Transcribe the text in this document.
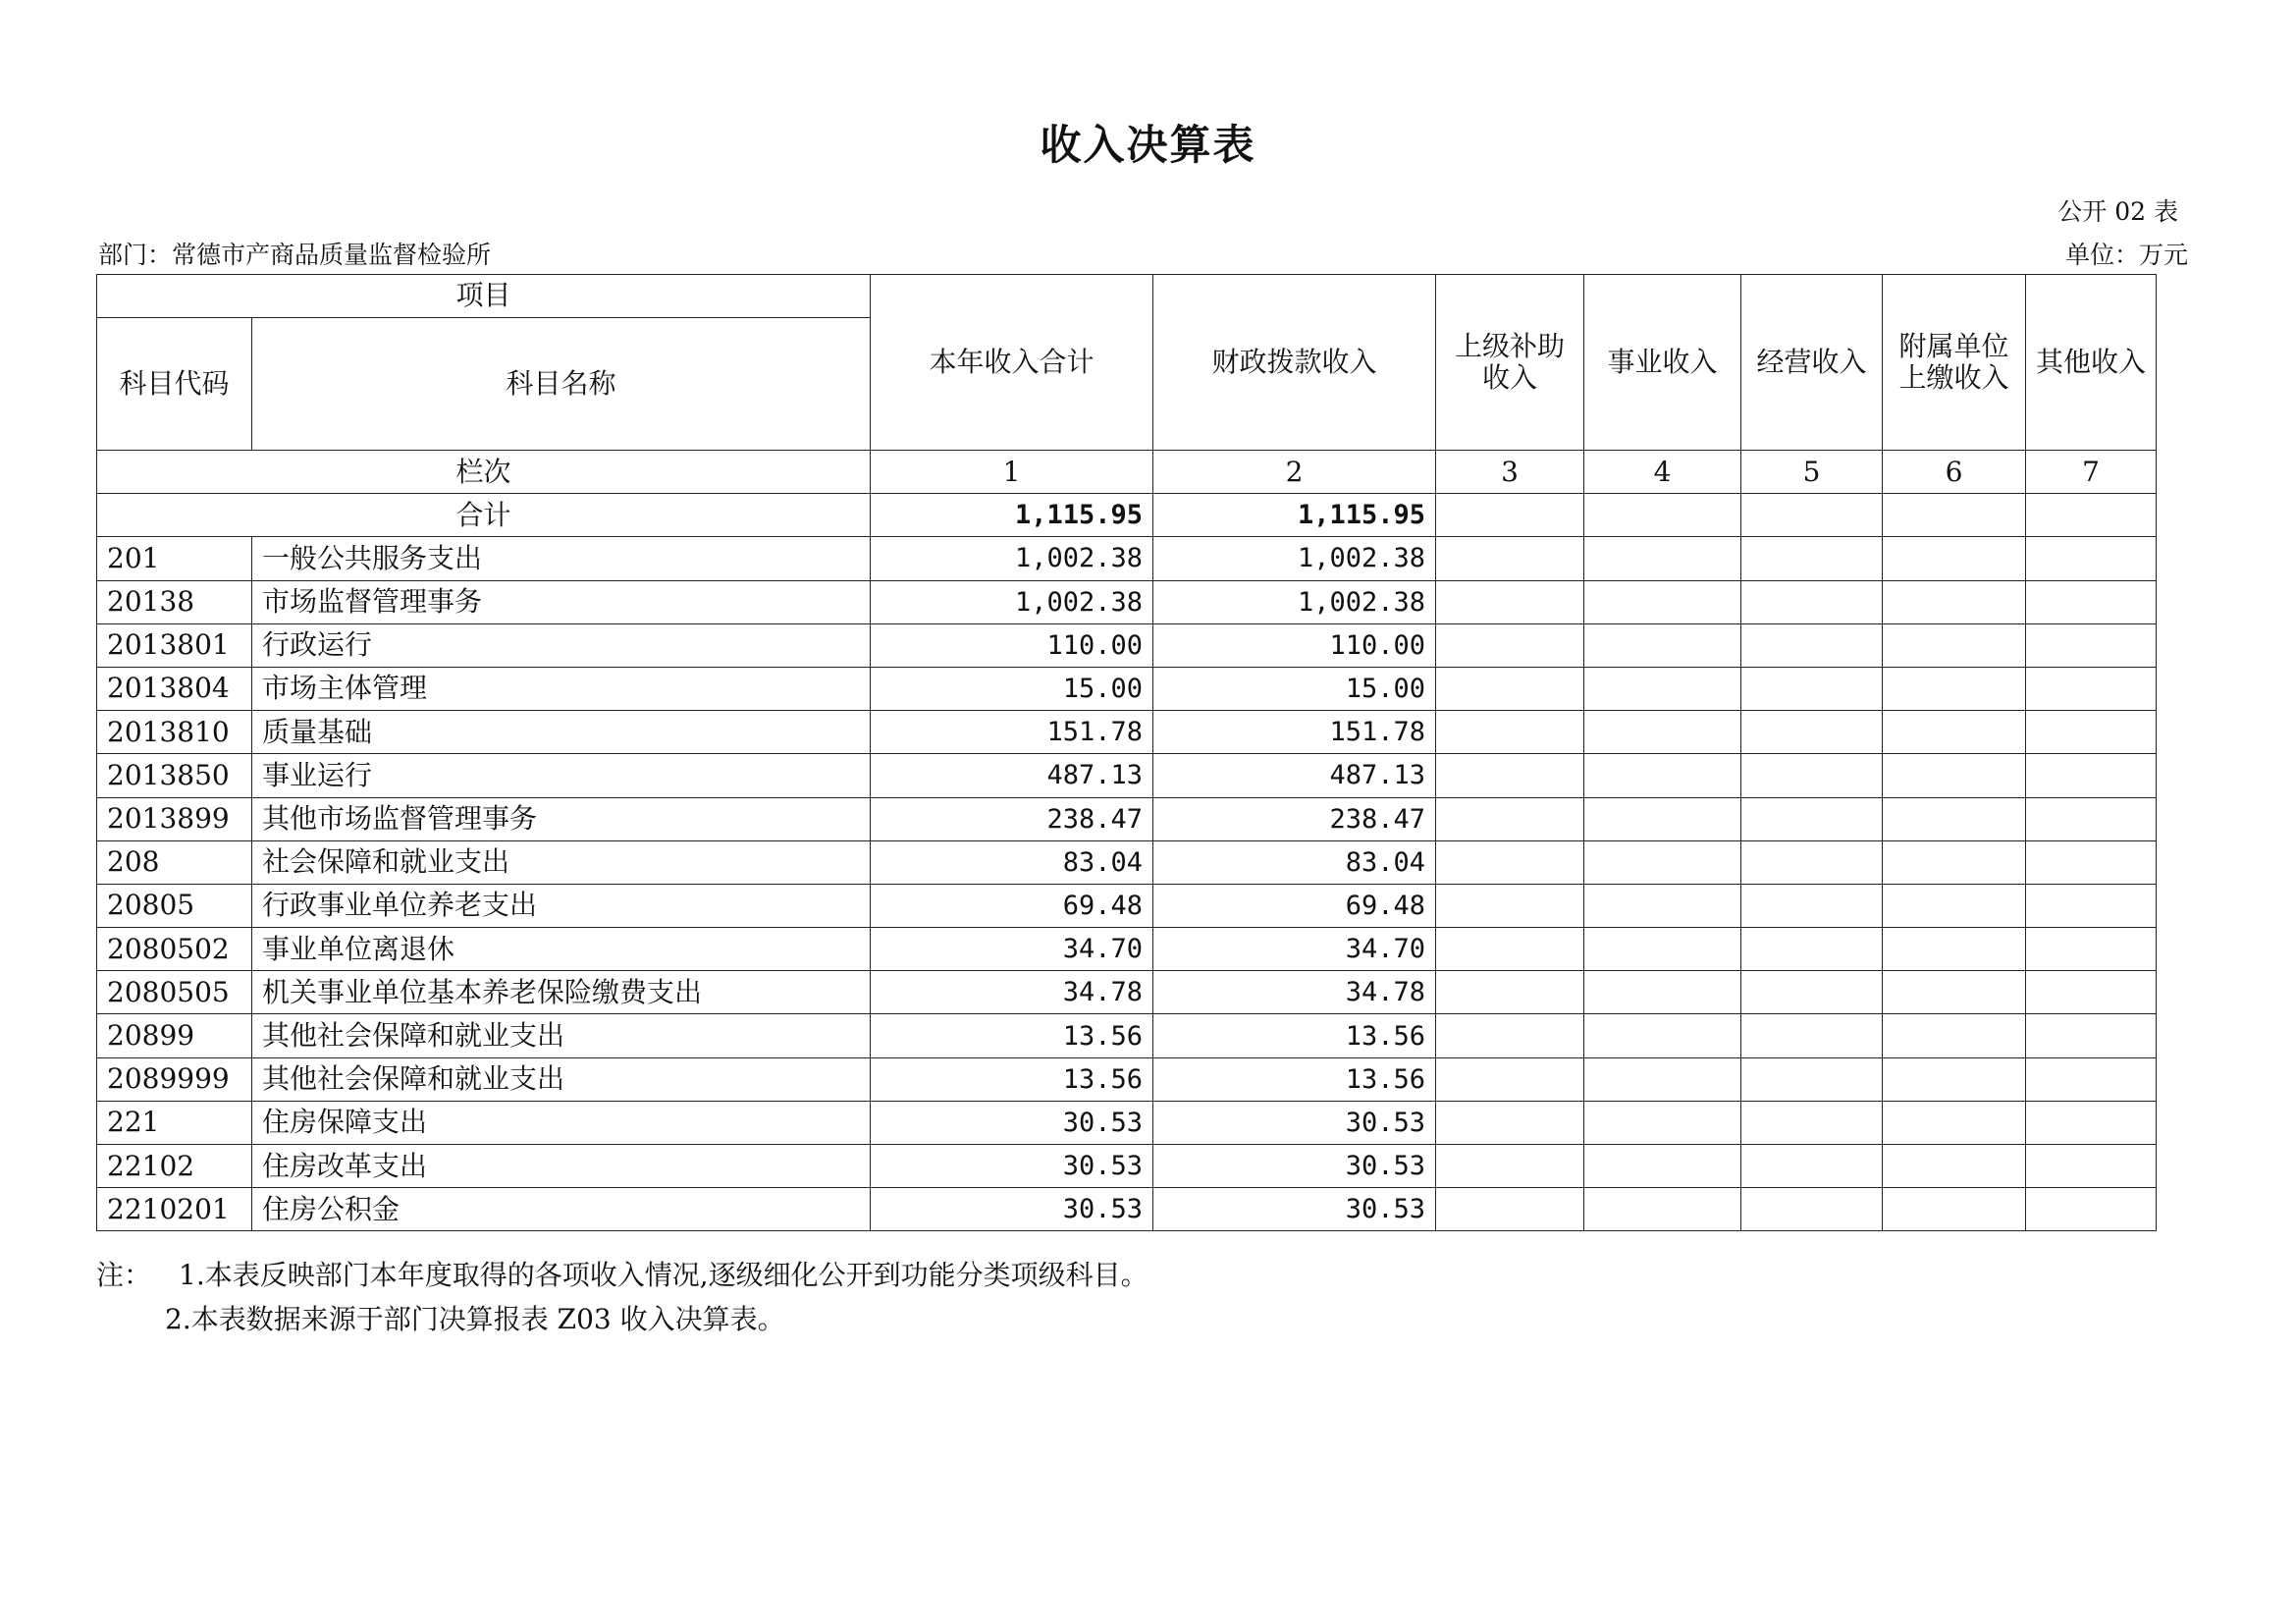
收入决算表
公开 02 表
部门：常德市产商品质量监督检验所	单位：万元
项目		本年收入合计	财政拨款收入	上级补助收入	事业收入	经营收入	附属单位上缴收入	其他收入
科目代码	科目名称							
栏次		1	2	3	4	5	6	7
合计		1,115.95	1,115.95					
201	一般公共服务支出	1,002.38	1,002.38					
20138	市场监督管理事务	1,002.38	1,002.38					
2013801	行政运行	110.00	110.00					
2013804	市场主体管理	15.00	15.00					
2013810	质量基础	151.78	151.78					
2013850	事业运行	487.13	487.13					
2013899	其他市场监督管理事务	238.47	238.47					
208	社会保障和就业支出	83.04	83.04					
20805	行政事业单位养老支出	69.48	69.48					
2080502	事业单位离退休	34.70	34.70					
2080505	机关事业单位基本养老保险缴费支出	34.78	34.78					
20899	其他社会保障和就业支出	13.56	13.56					
2089999	其他社会保障和就业支出	13.56	13.56					
221	住房保障支出	30.53	30.53					
22102	住房改革支出	30.53	30.53					
2210201	住房公积金	30.53	30.53					
注： 1.本表反映部门本年度取得的各项收入情况,逐级细化公开到功能分类项级科目。
2.本表数据来源于部门决算报表 Z03 收入决算表。
